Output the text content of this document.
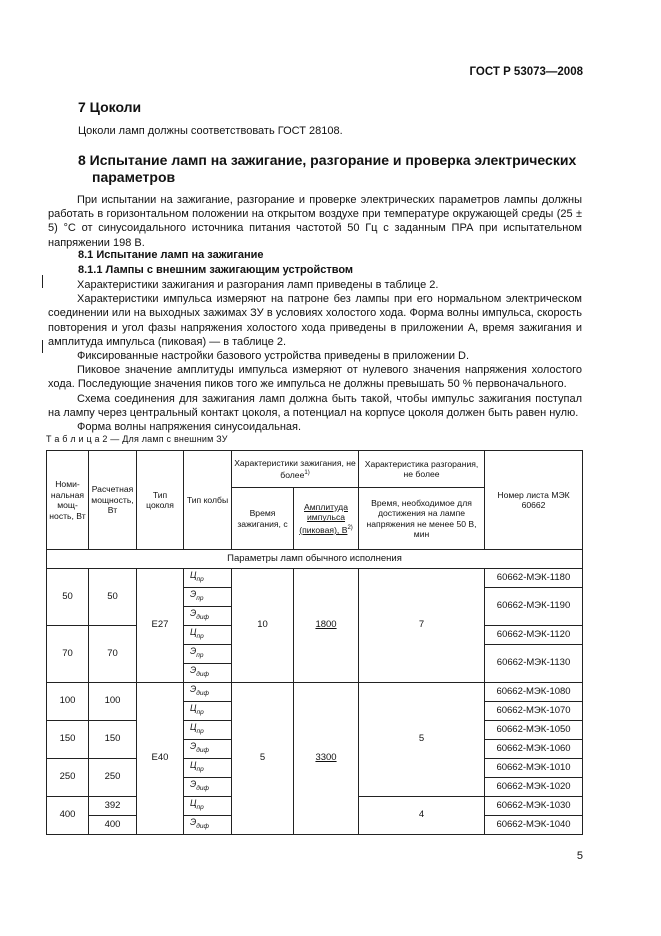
ГОСТ Р 53073—2008
7 Цоколи
Цоколи ламп должны соответствовать ГОСТ 28108.
8 Испытание ламп на зажигание, разгорание и проверка электрических
параметров
При испытании на зажигание, разгорание и проверке электрических параметров лампы должны работать в горизонтальном положении на открытом воздухе при температуре окружающей среды (25 ± 5) °С от синусоидального источника питания частотой 50 Гц с заданным ПРА при испытательном напряжении 198 В.
8.1 Испытание ламп на зажигание
8.1.1 Лампы с внешним зажигающим устройством
Характеристики зажигания и разгорания ламп приведены в таблице 2.
Характеристики импульса измеряют на патроне без лампы при его нормальном электрическом соединении или на выходных зажимах ЗУ в условиях холостого хода. Форма волны импульса, скорость повторения и угол фазы напряжения холостого хода приведены в приложении А, время зажигания и амплитуда импульса (пиковая) — в таблице 2.
Фиксированные настройки базового устройства приведены в приложении D.
Пиковое значение амплитуды импульса измеряют от нулевого значения напряжения холостого хода. Последующие значения пиков того же импульса не должны превышать 50 % первоначального.
Схема соединения для зажигания ламп должна быть такой, чтобы импульс зажигания поступал на лампу через центральный контакт цоколя, а потенциал на корпусе цоколя должен быть равен нулю.
Форма волны напряжения синусоидальная.
Т а б л и ц а 2 — Для ламп с внешним ЗУ
Номи-нальная мощ-ность, Вт	Расчетная мощность, Вт	Тип цоколя	Тип колбы	Характеристики зажигания, не более$^{1)}$		Характеристика разгорания, не более	Номер листа МЭК 60662
				Время зажигания, с	Амплитуда импульса (пиковая), $В^{2)}$	Время, необходимое для достижения на лампе напряжения не менее 50 В, мин	
Параметры ламп обычного исполнения							
50	50	E27	$Ц_{пр}$	10	1800	7	60662-МЭК-1180
			$Э_{пр}$				60662-МЭК-1190
			$Э_{диф}$
70	70		$Ц_{пр}$				60662-МЭК-1120
			$Э_{пр}$				60662-МЭК-1130
			$Э_{диф}$
100	100	E40	$Э_{диф}$	5	3300	5	60662-МЭК-1080
			$Ц_{пр}$				60662-МЭК-1070
150	150		$Ц_{пр}$				60662-МЭК-1050
			$Э_{диф}$				60662-МЭК-1060
250	250		$Ц_{пр}$				60662-МЭК-1010
			$Э_{диф}$				60662-МЭК-1020
400	392		$Ц_{пр}$			4	60662-МЭК-1030
	400		$Э_{диф}$				60662-МЭК-1040
5
